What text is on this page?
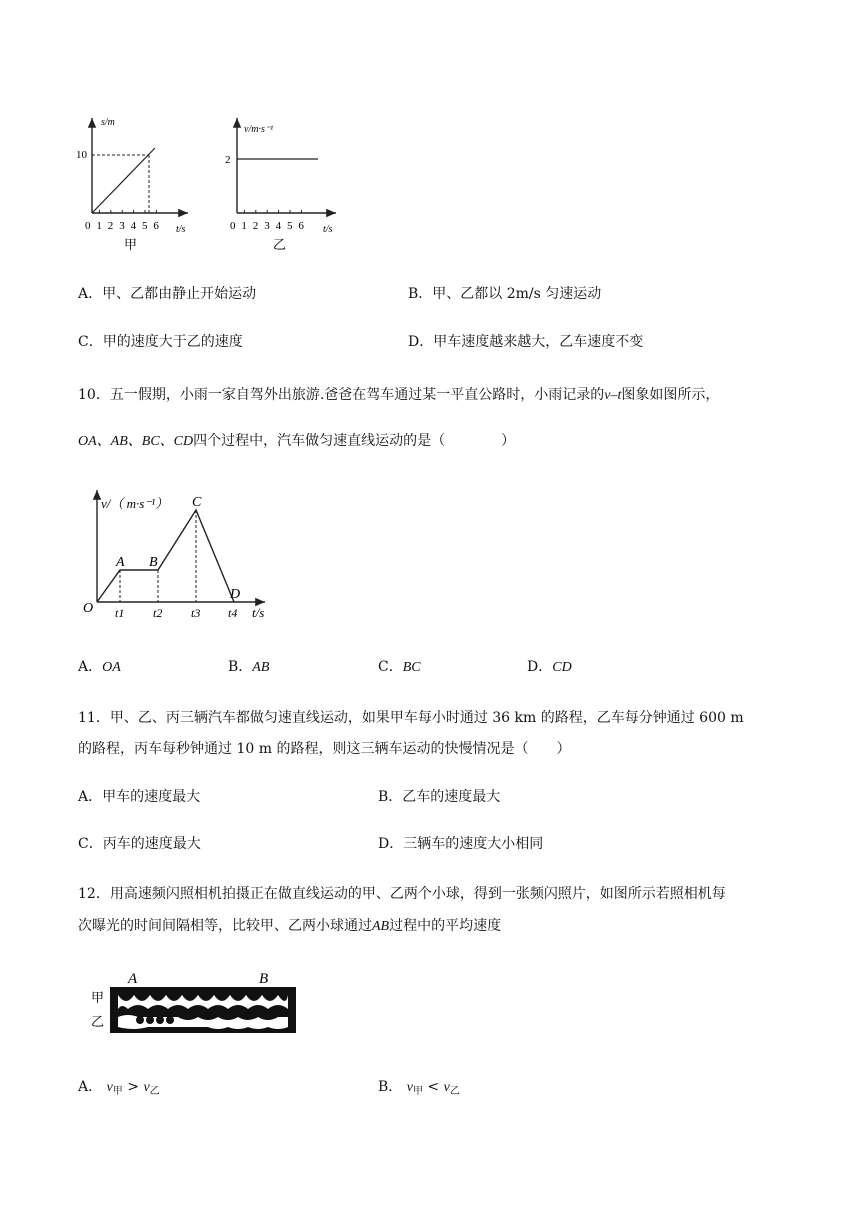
s/m
t/s
10
0 1 2 3 4 5 6
甲
v/m·s⁻¹
t/s
2
0 1 2 3 4 5 6
乙
A．甲、乙都由静止开始运动	B．甲、乙都以 2m/s 匀速运动
C．甲的速度大于乙的速度	D．甲车速度越来越大，乙车速度不变
10．五一假期，小雨一家自驾外出旅游.爸爸在驾车通过某一平直公路时，小雨记录的v–t图象如图所示，
OA、AB、BC、CD四个过程中，汽车做匀速直线运动的是（　　　　）
v/（ m·s⁻¹）
O
A B
C
D
t1 t2 t3 t4 t/s
A．OA	B．AB	C．BC	D．CD
11．甲、乙、丙三辆汽车都做匀速直线运动，如果甲车每小时通过 36 km 的路程，乙车每分钟通过 600 m
的路程，丙车每秒钟通过 10 m 的路程，则这三辆车运动的快慢情况是（　　）
A．甲车的速度最大	B．乙车的速度最大
C．丙车的速度最大	D．三辆车的速度大小相同
12．用高速频闪照相机拍摄正在做直线运动的甲、乙两个小球，得到一张频闪照片，如图所示若照相机每
次曝光的时间间隔相等，比较甲、乙两小球通过AB过程中的平均速度
A	B
甲
乙
A． $v_甲 > v_乙$	B． $v_甲 < v_乙$
